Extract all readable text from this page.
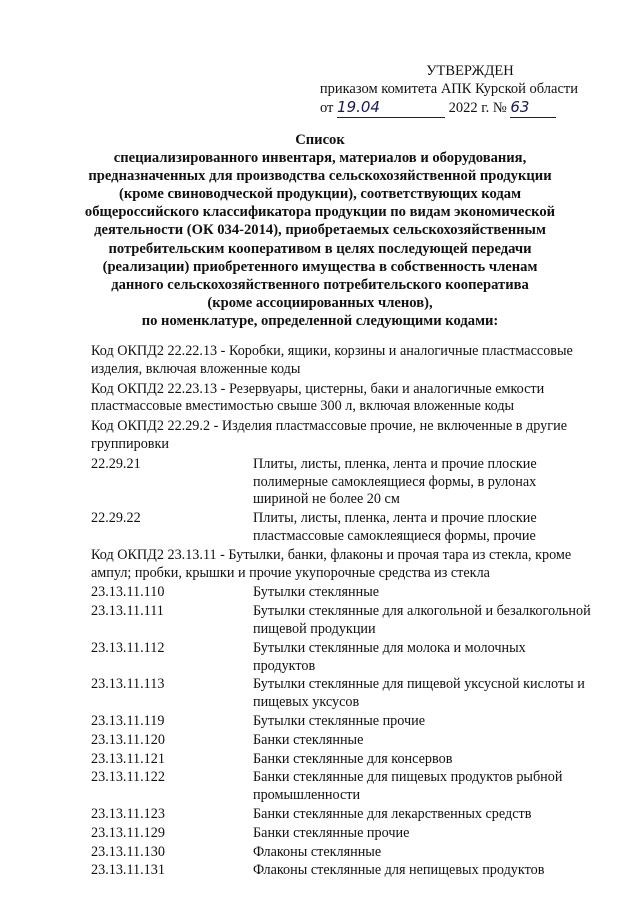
УТВЕРЖДЕН
приказом комитета АПК Курской области
от 19.04	2022 г. № 63
Список
специализированного инвентаря, материалов и оборудования,
предназначенных для производства сельскохозяйственной продукции
(кроме свиноводческой продукции), соответствующих кодам
общероссийского классификатора продукции по видам экономической
деятельности (ОК 034-2014), приобретаемых сельскохозяйственным
потребительским кооперативом в целях последующей передачи
(реализации) приобретенного имущества в собственность членам
данного сельскохозяйственного потребительского кооператива
(кроме ассоциированных членов),
по номенклатуре, определенной следующими кодами:
Код ОКПД2 22.22.13 - Коробки, ящики, корзины и аналогичные пластмассовые изделия, включая вложенные коды
Код ОКПД2 22.23.13 - Резервуары, цистерны, баки и аналогичные емкости пластмассовые вместимостью свыше 300 л, включая вложенные коды
Код ОКПД2 22.29.2 - Изделия пластмассовые прочие, не включенные в другие группировки
22.29.21	Плиты, листы, пленка, лента и прочие плоские полимерные самоклеящиеся формы, в рулонах шириной не более 20 см
22.29.22	Плиты, листы, пленка, лента и прочие плоские пластмассовые самоклеящиеся формы, прочие
Код ОКПД2 23.13.11 - Бутылки, банки, флаконы и прочая тара из стекла, кроме ампул; пробки, крышки и прочие укупорочные средства из стекла
23.13.11.110	Бутылки стеклянные
23.13.11.111	Бутылки стеклянные для алкогольной и безалкогольной пищевой продукции
23.13.11.112	Бутылки стеклянные для молока и молочных продуктов
23.13.11.113	Бутылки стеклянные для пищевой уксусной кислоты и пищевых уксусов
23.13.11.119	Бутылки стеклянные прочие
23.13.11.120	Банки стеклянные
23.13.11.121	Банки стеклянные для консервов
23.13.11.122	Банки стеклянные для пищевых продуктов рыбной промышленности
23.13.11.123	Банки стеклянные для лекарственных средств
23.13.11.129	Банки стеклянные прочие
23.13.11.130	Флаконы стеклянные
23.13.11.131	Флаконы стеклянные для непищевых продуктов
